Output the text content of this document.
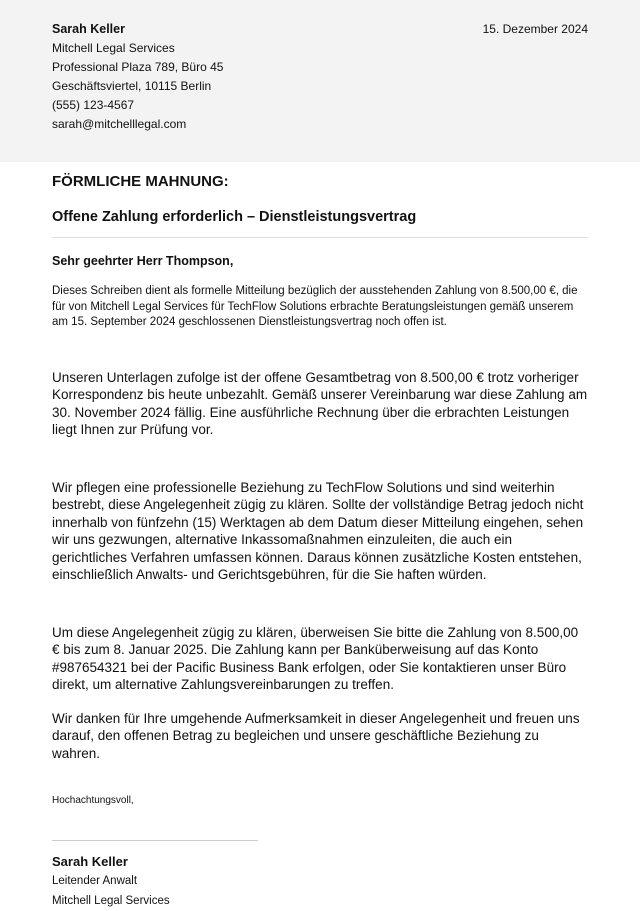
Sarah Keller
Mitchell Legal Services
Professional Plaza 789, Büro 45
Geschäftsviertel, 10115 Berlin
(555) 123-4567
sarah@mitchelllegal.com
15. Dezember 2024
FÖRMLICHE MAHNUNG:
Offene Zahlung erforderlich – Dienstleistungsvertrag
Sehr geehrter Herr Thompson,
Dieses Schreiben dient als formelle Mitteilung bezüglich der ausstehenden Zahlung von 8.500,00 €, die für von Mitchell Legal Services für TechFlow Solutions erbrachte Beratungsleistungen gemäß unserem am 15. September 2024 geschlossenen Dienstleistungsvertrag noch offen ist.
Unseren Unterlagen zufolge ist der offene Gesamtbetrag von 8.500,00 € trotz vorheriger Korrespondenz bis heute unbezahlt. Gemäß unserer Vereinbarung war diese Zahlung am 30. November 2024 fällig. Eine ausführliche Rechnung über die erbrachten Leistungen liegt Ihnen zur Prüfung vor.
Wir pflegen eine professionelle Beziehung zu TechFlow Solutions und sind weiterhin bestrebt, diese Angelegenheit zügig zu klären. Sollte der vollständige Betrag jedoch nicht innerhalb von fünfzehn (15) Werktagen ab dem Datum dieser Mitteilung eingehen, sehen wir uns gezwungen, alternative Inkassomaßnahmen einzuleiten, die auch ein gerichtliches Verfahren umfassen können. Daraus können zusätzliche Kosten entstehen, einschließlich Anwalts- und Gerichtsgebühren, für die Sie haften würden.
Um diese Angelegenheit zügig zu klären, überweisen Sie bitte die Zahlung von 8.500,00 € bis zum 8. Januar 2025. Die Zahlung kann per Banküberweisung auf das Konto #987654321 bei der Pacific Business Bank erfolgen, oder Sie kontaktieren unser Büro direkt, um alternative Zahlungsvereinbarungen zu treffen.
Wir danken für Ihre umgehende Aufmerksamkeit in dieser Angelegenheit und freuen uns darauf, den offenen Betrag zu begleichen und unsere geschäftliche Beziehung zu wahren.
Hochachtungsvoll,
Sarah Keller
Leitender Anwalt
Mitchell Legal Services
